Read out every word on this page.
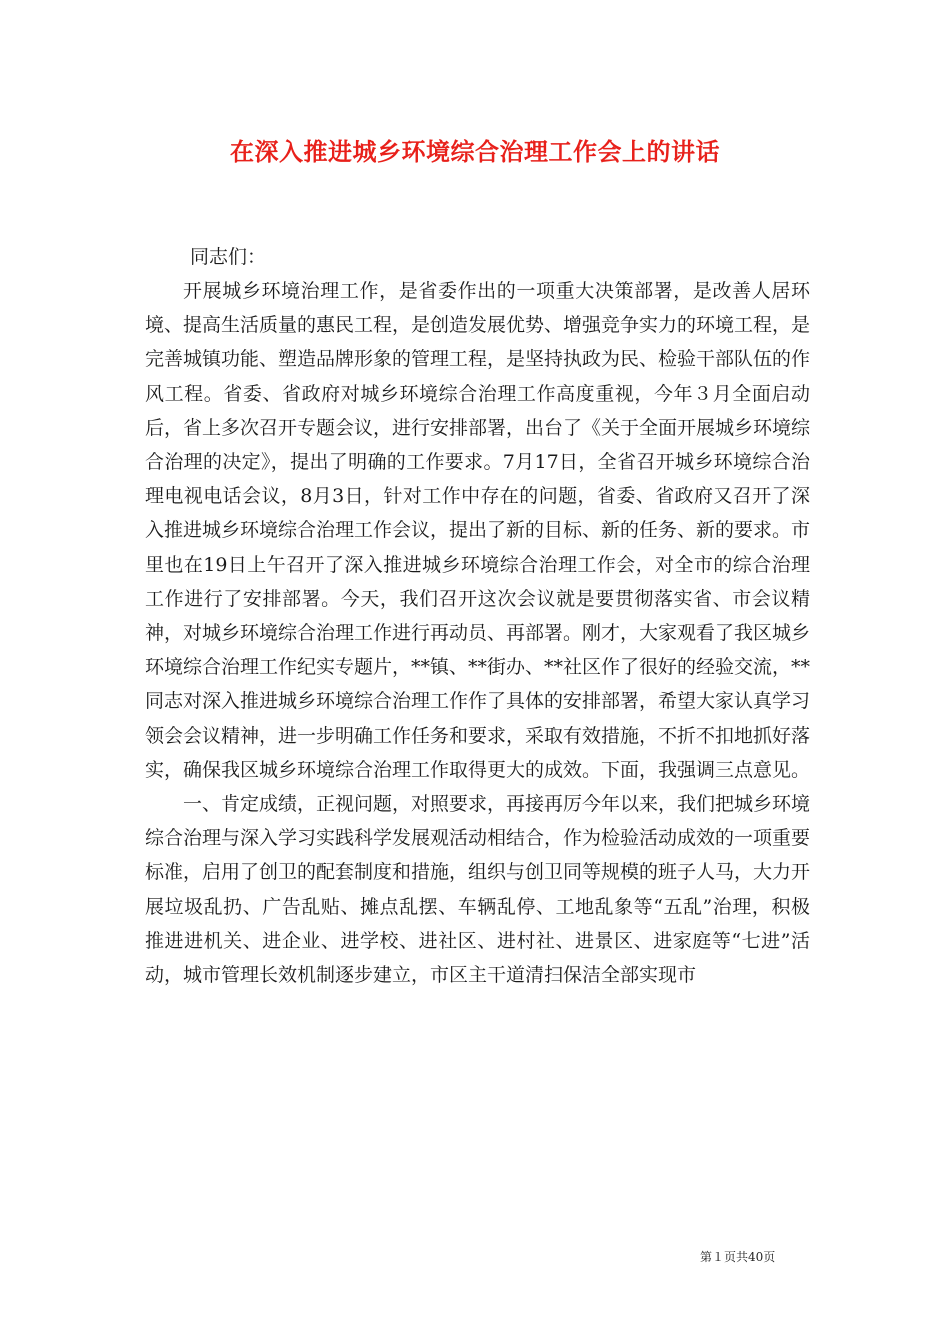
在深入推进城乡环境综合治理工作会上的讲话
同志们：

开展城乡环境治理工作，是省委作出的一项重大决策部署，是改善人居环境、提高生活质量的惠民工程，是创造发展优势、增强竞争实力的环境工程，是完善城镇功能、塑造品牌形象的管理工程，是坚持执政为民、检验干部队伍的作风工程。省委、省政府对城乡环境综合治理工作高度重视，今年３月全面启动后，省上多次召开专题会议，进行安排部署，出台了《关于全面开展城乡环境综合治理的决定》，提出了明确的工作要求。7月17日，全省召开城乡环境综合治理电视电话会议，8月3日，针对工作中存在的问题，省委、省政府又召开了深入推进城乡环境综合治理工作会议，提出了新的目标、新的任务、新的要求。市里也在19日上午召开了深入推进城乡环境综合治理工作会，对全市的综合治理工作进行了安排部署。今天，我们召开这次会议就是要贯彻落实省、市会议精神，对城乡环境综合治理工作进行再动员、再部署。刚才，大家观看了我区城乡环境综合治理工作纪实专题片，**镇、**街办、**社区作了很好的经验交流，**同志对深入推进城乡环境综合治理工作作了具体的安排部署，希望大家认真学习领会会议精神，进一步明确工作任务和要求，采取有效措施，不折不扣地抓好落实，确保我区城乡环境综合治理工作取得更大的成效。下面，我强调三点意见。

一、肯定成绩，正视问题，对照要求，再接再厉今年以来，我们把城乡环境综合治理与深入学习实践科学发展观活动相结合，作为检验活动成效的一项重要标准，启用了创卫的配套制度和措施，组织与创卫同等规模的班子人马，大力开展垃圾乱扔、广告乱贴、摊点乱摆、车辆乱停、工地乱象等“五乱”治理，积极推进进机关、进企业、进学校、进社区、进村社、进景区、进家庭等“七进”活动，城市管理长效机制逐步建立，市区主干道清扫保洁全部实现市

第１页共40页
